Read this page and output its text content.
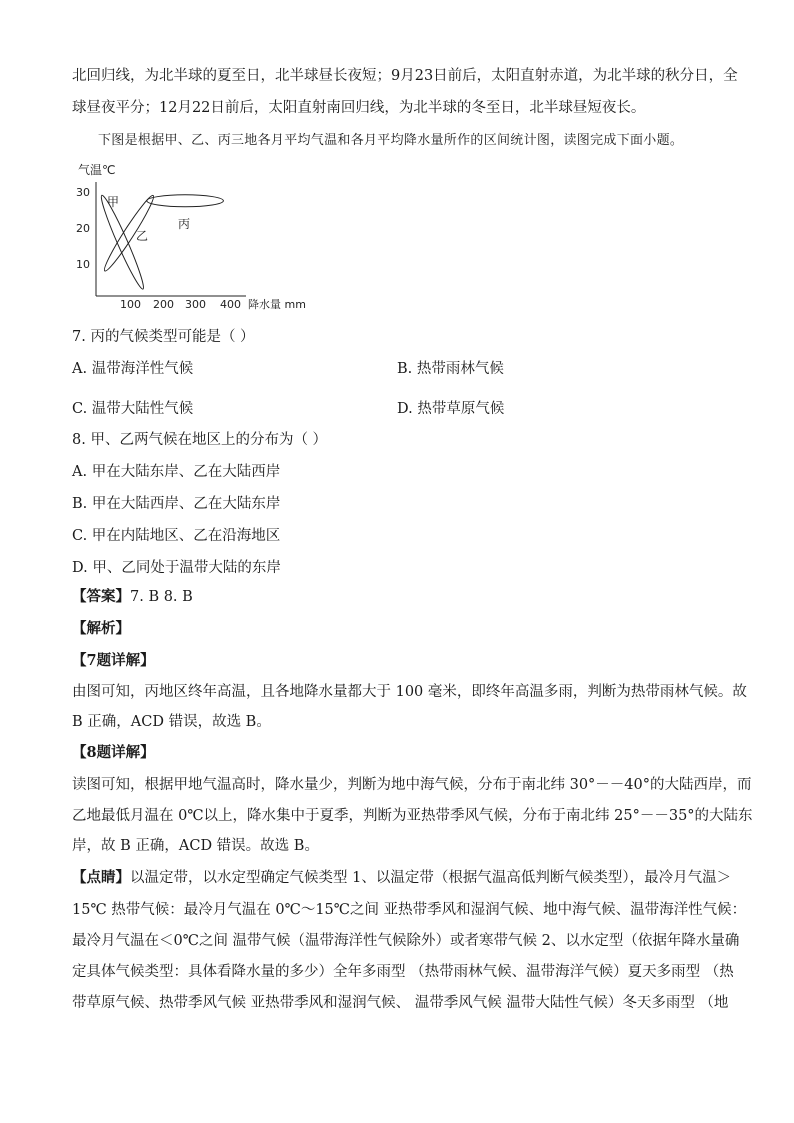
北回归线，为北半球的夏至日，北半球昼长夜短；9月23日前后，太阳直射赤道，为北半球的秋分日，全
球昼夜平分；12月22日前后，太阳直射南回归线，为北半球的冬至日，北半球昼短夜长。
下图是根据甲、乙、丙三地各月平均气温和各月平均降水量所作的区间统计图，读图完成下面小题。
气温℃
30
20
10
100 200 300 400 降水量 mm
甲
乙
丙
7. 丙的气候类型可能是（ ）
A. 温带海洋性气候	B. 热带雨林气候
C. 温带大陆性气候	D. 热带草原气候
8. 甲、乙两气候在地区上的分布为（ ）
A. 甲在大陆东岸、乙在大陆西岸
B. 甲在大陆西岸、乙在大陆东岸
C. 甲在内陆地区、乙在沿海地区
D. 甲、乙同处于温带大陆的东岸
【答案】7. B 8. B
【解析】
【7题详解】
由图可知，丙地区终年高温，且各地降水量都大于 100 毫米，即终年高温多雨，判断为热带雨林气候。故
B 正确，ACD 错误，故选 B。
【8题详解】
读图可知，根据甲地气温高时，降水量少，判断为地中海气候，分布于南北纬 30°－－40°的大陆西岸，而
乙地最低月温在 0℃以上，降水集中于夏季，判断为亚热带季风气候，分布于南北纬 25°－－35°的大陆东
岸，故 B 正确，ACD 错误。故选 B。
【点睛】以温定带，以水定型确定气候类型 1、以温定带（根据气温高低判断气候类型），最冷月气温＞
15℃ 热带气候：最冷月气温在 0℃～15℃之间 亚热带季风和湿润气候、地中海气候、温带海洋性气候：
最冷月气温在＜0℃之间 温带气候（温带海洋性气候除外）或者寒带气候 2、以水定型（依据年降水量确
定具体气候类型：具体看降水量的多少）全年多雨型 （热带雨林气候、温带海洋气候）夏天多雨型 （热
带草原气候、热带季风气候 亚热带季风和湿润气候、 温带季风气候 温带大陆性气候）冬天多雨型 （地
